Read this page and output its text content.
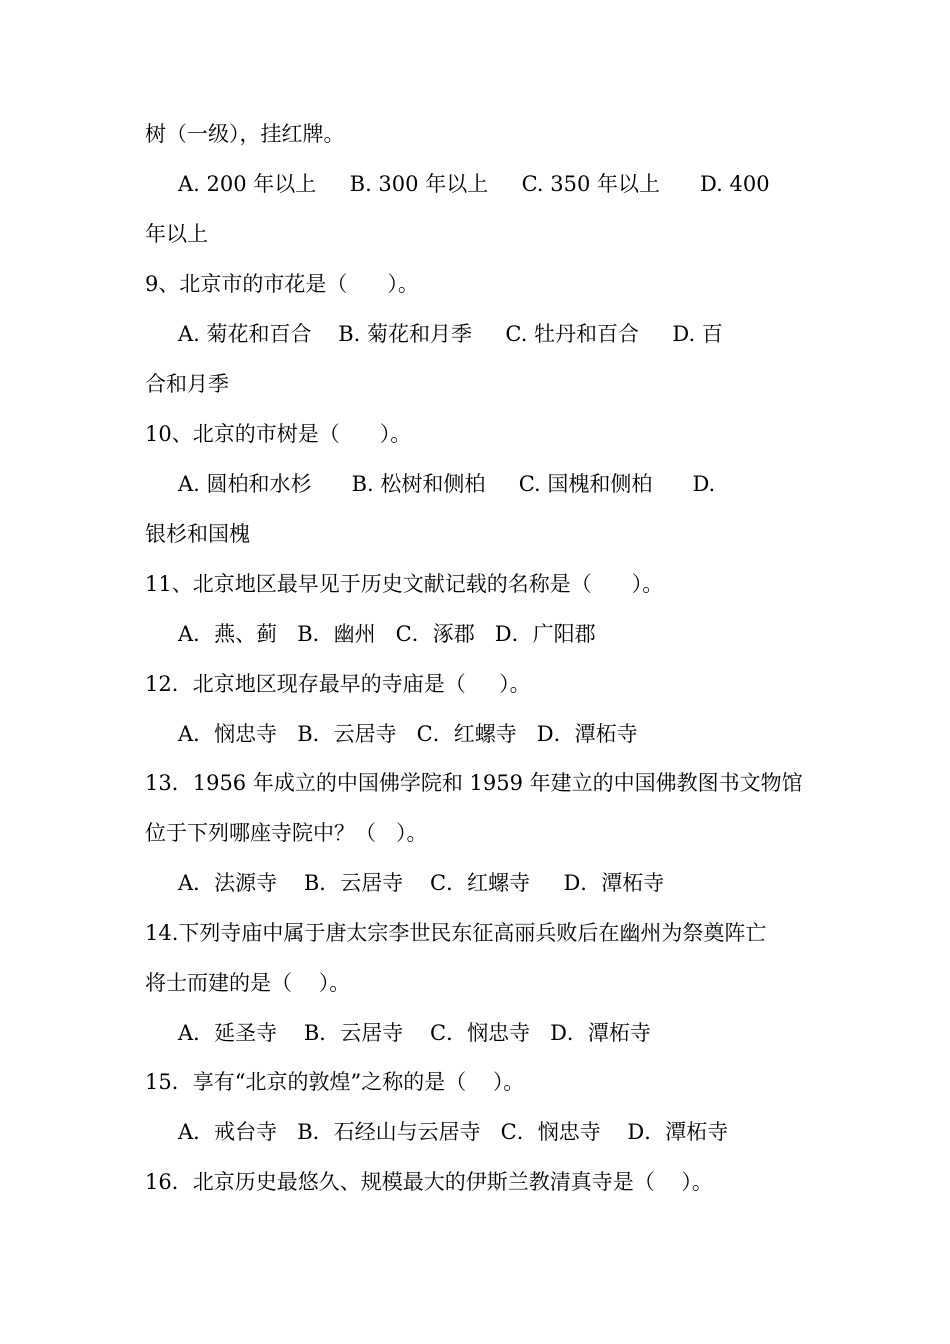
树（一级），挂红牌。
A. 200 年以上     B. 300 年以上     C. 350 年以上      D. 400
年以上
9、北京市的市花是（      ）。
A. 菊花和百合    B. 菊花和月季     C. 牡丹和百合     D. 百
合和月季
10、北京的市树是（      ）。
A. 圆柏和水杉      B. 松树和侧柏     C. 国槐和侧柏      D.
银杉和国槐
11、北京地区最早见于历史文献记载的名称是（      ）。
A．燕、蓟   B．幽州   C．涿郡   D．广阳郡
12．北京地区现存最早的寺庙是（     ）。
A．悯忠寺   B．云居寺   C．红螺寺   D．潭柘寺
13．1956 年成立的中国佛学院和 1959 年建立的中国佛教图书文物馆
位于下列哪座寺院中？（   ）。
A．法源寺    B．云居寺    C．红螺寺     D．潭柘寺
14.下列寺庙中属于唐太宗李世民东征高丽兵败后在幽州为祭奠阵亡
将士而建的是（    ）。
A．延圣寺    B．云居寺    C．悯忠寺   D．潭柘寺
15．享有“北京的敦煌”之称的是（    ）。
A．戒台寺   B．石经山与云居寺   C．悯忠寺    D．潭柘寺
16．北京历史最悠久、规模最大的伊斯兰教清真寺是（    ）。
